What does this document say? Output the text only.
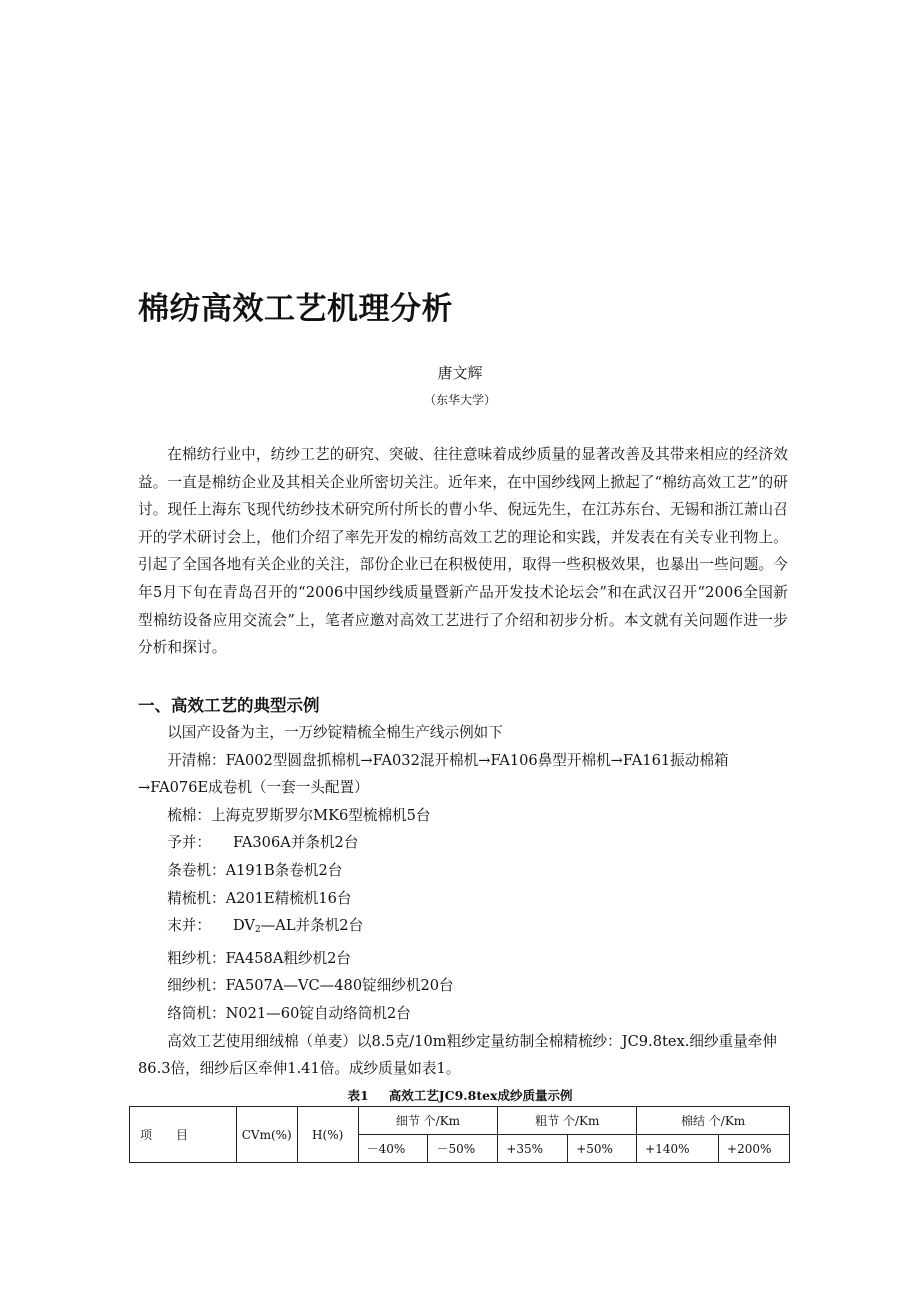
棉纺高效工艺机理分析
唐文辉
（东华大学）

在棉纺行业中，纺纱工艺的研究、突破、往往意味着成纱质量的显著改善及其带来相应的经济效益。一直是棉纺企业及其相关企业所密切关注。近年来，在中国纱线网上掀起了“棉纺高效工艺”的研讨。现任上海东飞现代纺纱技术研究所付所长的曹小华、倪远先生，在江苏东台、无锡和浙江萧山召开的学术研讨会上，他们介绍了率先开发的棉纺高效工艺的理论和实践，并发表在有关专业刊物上。引起了全国各地有关企业的关注，部份企业已在积极使用，取得一些积极效果，也暴出一些问题。今年5月下旬在青岛召开的“2006中国纱线质量暨新产品开发技术论坛会”和在武汉召开“2006全国新型棉纺设备应用交流会”上，笔者应邀对高效工艺进行了介绍和初步分析。本文就有关问题作进一步分析和探讨。

一、高效工艺的典型示例

以国产设备为主，一万纱锭精梳全棉生产线示例如下

开清棉：FA002型圆盘抓棉机→FA032混开棉机→FA106鼻型开棉机→FA161振动棉箱→FA076E成卷机（一套一头配置）

梳棉：上海克罗斯罗尔MK6型梳棉机5台

予并： FA306A并条机2台

条卷机：A191B条卷机2台

精梳机：A201E精梳机16台

末并： $DV_2—AL$并条机2台

粗纱机：FA458A粗纱机2台

细纱机：FA507A—VC—480锭细纱机20台

络筒机：N021—60锭自动络筒机2台

高效工艺使用细绒棉（单麦）以8.5克/10m粗纱定量纺制全棉精梳纱：JC9.8tex.细纱重量牵伸86.3倍，细纱后区牵伸1.41倍。成纱质量如表1。

表1 高效工艺JC9.8tex成纱质量示例
项　　目	CVm(%)	H(%)	细节 个/Km		粗节 个/Km		棉结 个/Km	
			－40%	－50%	+35%	+50%	+140%	+200%
